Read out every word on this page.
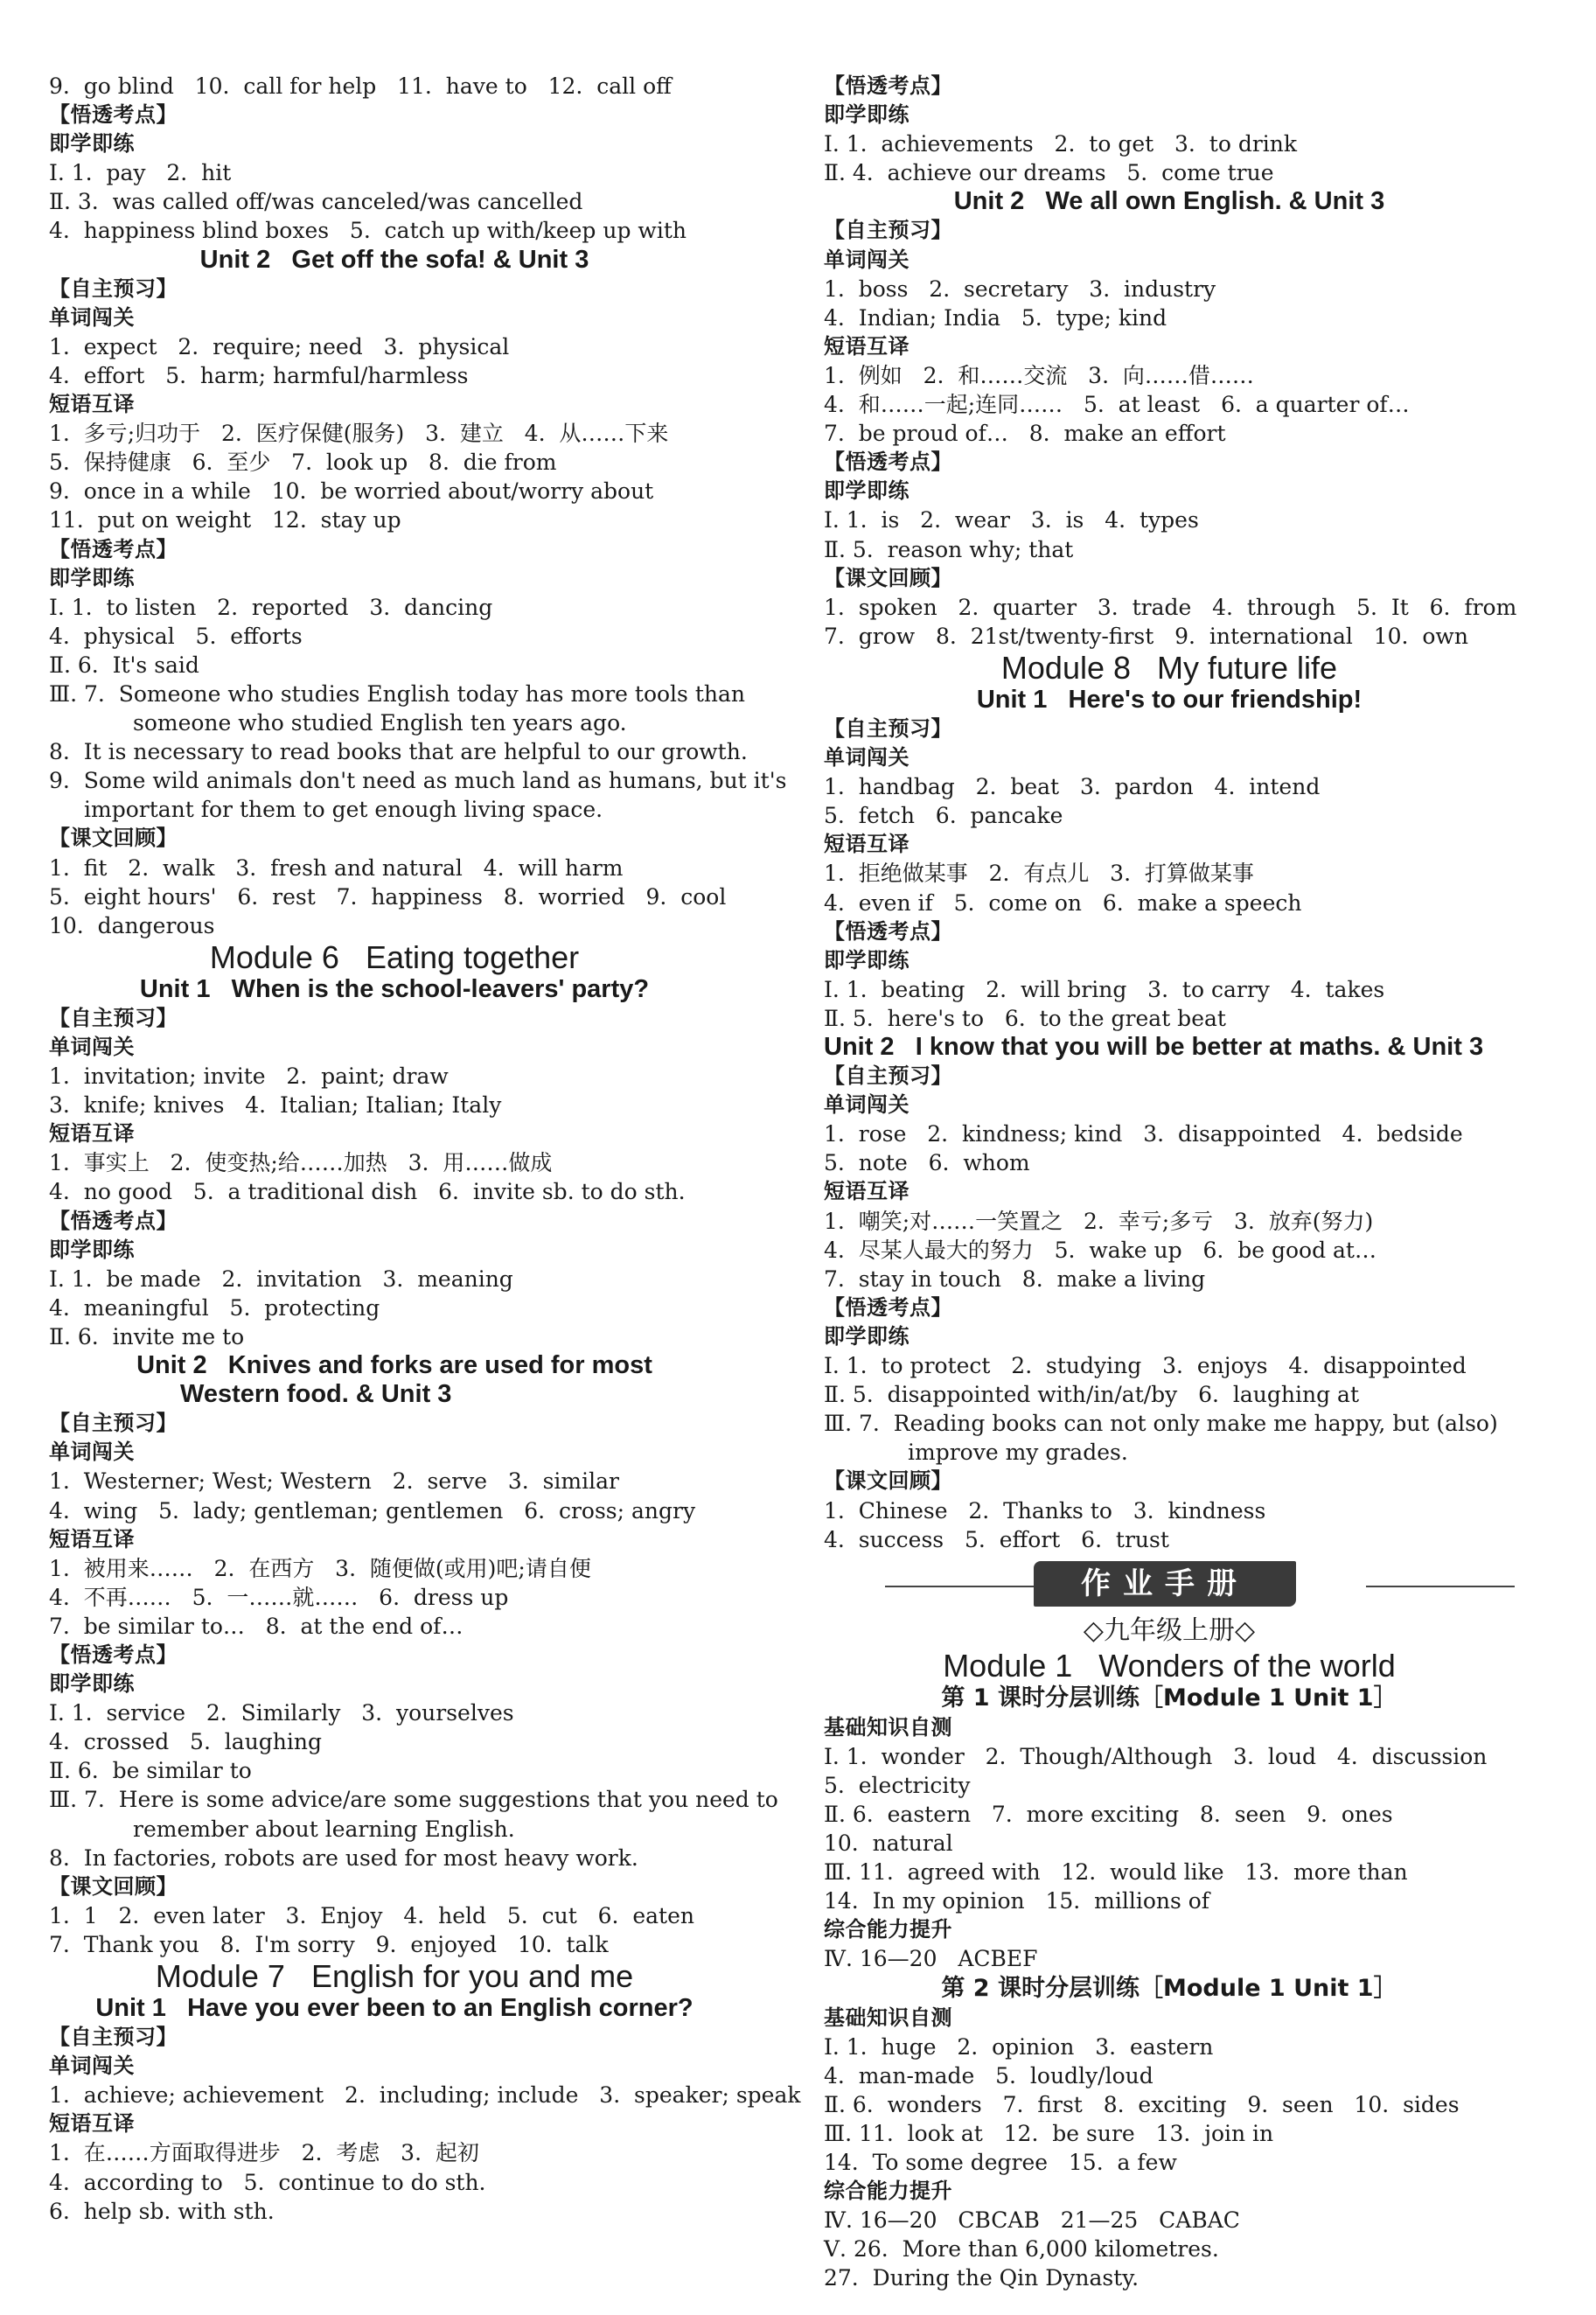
9.  go blind   10.  call for help   11.  have to   12.  call off
【悟透考点】
即学即练
Ⅰ. 1.  pay   2.  hit
Ⅱ. 3.  was called off/was canceled/was cancelled
4.  happiness blind boxes   5.  catch up with/keep up with
Unit 2   Get off the sofa! & Unit 3
【自主预习】
单词闯关
1.  expect   2.  require; need   3.  physical
4.  effort   5.  harm; harmful/harmless
短语互译
1.  多亏;归功于   2.  医疗保健(服务)   3.  建立   4.  从……下来
5.  保持健康   6.  至少   7.  look up   8.  die from
9.  once in a while   10.  be worried about/worry about
11.  put on weight   12.  stay up
【悟透考点】
即学即练
Ⅰ. 1.  to listen   2.  reported   3.  dancing
4.  physical   5.  efforts
Ⅱ. 6.  It's said
Ⅲ. 7.  Someone who studies English today has more tools than
someone who studied English ten years ago.
8.  It is necessary to read books that are helpful to our growth.
9.  Some wild animals don't need as much land as humans, but it's
important for them to get enough living space.
【课文回顾】
1.  fit   2.  walk   3.  fresh and natural   4.  will harm
5.  eight hours'   6.  rest   7.  happiness   8.  worried   9.  cool
10.  dangerous
Module 6   Eating together
Unit 1   When is the school-leavers' party?
【自主预习】
单词闯关
1.  invitation; invite   2.  paint; draw
3.  knife; knives   4.  Italian; Italian; Italy
短语互译
1.  事实上   2.  使变热;给……加热   3.  用……做成
4.  no good   5.  a traditional dish   6.  invite sb. to do sth.
【悟透考点】
即学即练
Ⅰ. 1.  be made   2.  invitation   3.  meaning
4.  meaningful   5.  protecting
Ⅱ. 6.  invite me to
Unit 2   Knives and forks are used for most
Western food. & Unit 3
【自主预习】
单词闯关
1.  Westerner; West; Western   2.  serve   3.  similar
4.  wing   5.  lady; gentleman; gentlemen   6.  cross; angry
短语互译
1.  被用来……   2.  在西方   3.  随便做(或用)吧;请自便
4.  不再……   5.  一……就……   6.  dress up
7.  be similar to…   8.  at the end of…
【悟透考点】
即学即练
Ⅰ. 1.  service   2.  Similarly   3.  yourselves
4.  crossed   5.  laughing
Ⅱ. 6.  be similar to
Ⅲ. 7.  Here is some advice/are some suggestions that you need to
remember about learning English.
8.  In factories, robots are used for most heavy work.
【课文回顾】
1.  1   2.  even later   3.  Enjoy   4.  held   5.  cut   6.  eaten
7.  Thank you   8.  I'm sorry   9.  enjoyed   10.  talk
Module 7   English for you and me
Unit 1   Have you ever been to an English corner?
【自主预习】
单词闯关
1.  achieve; achievement   2.  including; include   3.  speaker; speak
短语互译
1.  在……方面取得进步   2.  考虑   3.  起初
4.  according to   5.  continue to do sth.
6.  help sb. with sth.
【悟透考点】
即学即练
Ⅰ. 1.  achievements   2.  to get   3.  to drink
Ⅱ. 4.  achieve our dreams   5.  come true
Unit 2   We all own English. & Unit 3
【自主预习】
单词闯关
1.  boss   2.  secretary   3.  industry
4.  Indian; India   5.  type; kind
短语互译
1.  例如   2.  和……交流   3.  向……借……
4.  和……一起;连同……   5.  at least   6.  a quarter of…
7.  be proud of…   8.  make an effort
【悟透考点】
即学即练
Ⅰ. 1.  is   2.  wear   3.  is   4.  types
Ⅱ. 5.  reason why; that
【课文回顾】
1.  spoken   2.  quarter   3.  trade   4.  through   5.  It   6.  from
7.  grow   8.  21st/twenty-first   9.  international   10.  own
Module 8   My future life
Unit 1   Here's to our friendship!
【自主预习】
单词闯关
1.  handbag   2.  beat   3.  pardon   4.  intend
5.  fetch   6.  pancake
短语互译
1.  拒绝做某事   2.  有点儿   3.  打算做某事
4.  even if   5.  come on   6.  make a speech
【悟透考点】
即学即练
Ⅰ. 1.  beating   2.  will bring   3.  to carry   4.  takes
Ⅱ. 5.  here's to   6.  to the great beat
Unit 2   I know that you will be better at maths. & Unit 3
【自主预习】
单词闯关
1.  rose   2.  kindness; kind   3.  disappointed   4.  bedside
5.  note   6.  whom
短语互译
1.  嘲笑;对……一笑置之   2.  幸亏;多亏   3.  放弃(努力)
4.  尽某人最大的努力   5.  wake up   6.  be good at…
7.  stay in touch   8.  make a living
【悟透考点】
即学即练
Ⅰ. 1.  to protect   2.  studying   3.  enjoys   4.  disappointed
Ⅱ. 5.  disappointed with/in/at/by   6.  laughing at
Ⅲ. 7.  Reading books can not only make me happy, but (also)
improve my grades.
【课文回顾】
1.  Chinese   2.  Thanks to   3.  kindness
4.  success   5.  effort   6.  trust
作业手册
◇九年级上册◇
Module 1   Wonders of the world
第 1 课时分层训练［Module 1 Unit 1］
基础知识自测
Ⅰ. 1.  wonder   2.  Though/Although   3.  loud   4.  discussion
5.  electricity
Ⅱ. 6.  eastern   7.  more exciting   8.  seen   9.  ones
10.  natural
Ⅲ. 11.  agreed with   12.  would like   13.  more than
14.  In my opinion   15.  millions of
综合能力提升
Ⅳ. 16—20   ACBEF
第 2 课时分层训练［Module 1 Unit 1］
基础知识自测
Ⅰ. 1.  huge   2.  opinion   3.  eastern
4.  man-made   5.  loudly/loud
Ⅱ. 6.  wonders   7.  first   8.  exciting   9.  seen   10.  sides
Ⅲ. 11.  look at   12.  be sure   13.  join in
14.  To some degree   15.  a few
综合能力提升
Ⅳ. 16—20   CBCAB   21—25   CABAC
Ⅴ. 26.  More than 6,000 kilometres.
27.  During the Qin Dynasty.
